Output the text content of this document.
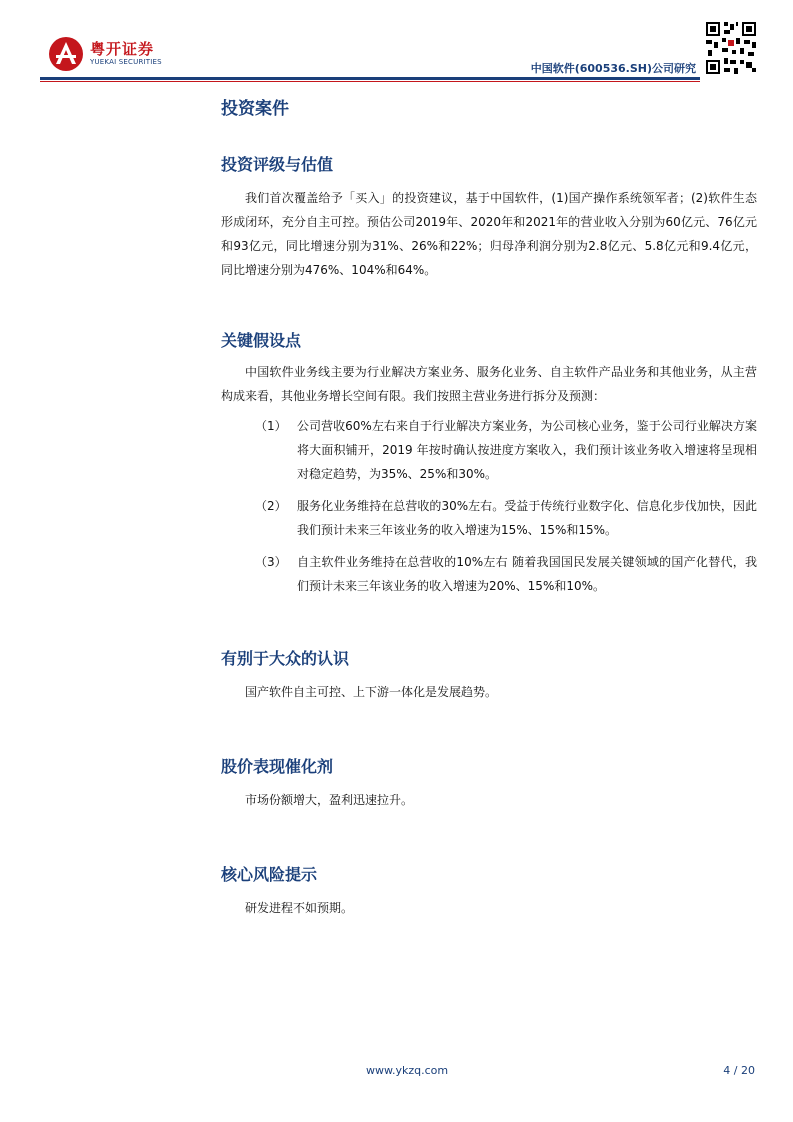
粤开证券
YUEKAI SECURITIES	中国软件(600536.SH)公司研究
投资案件
投资评级与估值

我们首次覆盖给予「买入」的投资建议，基于中国软件，(1)国产操作系统领军者；(2)软件生态形成闭环，充分自主可控。预估公司2019年、2020年和2021年的营业收入分别为60亿元、76亿元和93亿元，同比增速分别为31%、26%和22%；归母净利润分别为2.8亿元、5.8亿元和9.4亿元，同比增速分别为476%、104%和64%。

关键假设点

中国软件业务线主要为行业解决方案业务、服务化业务、自主软件产品业务和其他业务，从主营构成来看，其他业务增长空间有限。我们按照主营业务进行拆分及预测：

（1） 公司营收60%左右来自于行业解决方案业务，为公司核心业务，鉴于公司行业解决方案将大面积铺开，2019 年按时确认按进度方案收入，我们预计该业务收入增速将呈现相对稳定趋势，为35%、25%和30%。
（2） 服务化业务维持在总营收的30%左右。受益于传统行业数字化、信息化步伐加快，因此我们预计未来三年该业务的收入增速为15%、15%和15%。
（3） 自主软件业务维持在总营收的10%左右 随着我国国民发展关键领域的国产化替代，我们预计未来三年该业务的收入增速为20%、15%和10%。
有别于大众的认识

国产软件自主可控、上下游一体化是发展趋势。

股价表现催化剂

市场份额增大，盈利迅速拉升。

核心风险提示

研发进程不如预期。

www.ykzq.com	4 / 20
